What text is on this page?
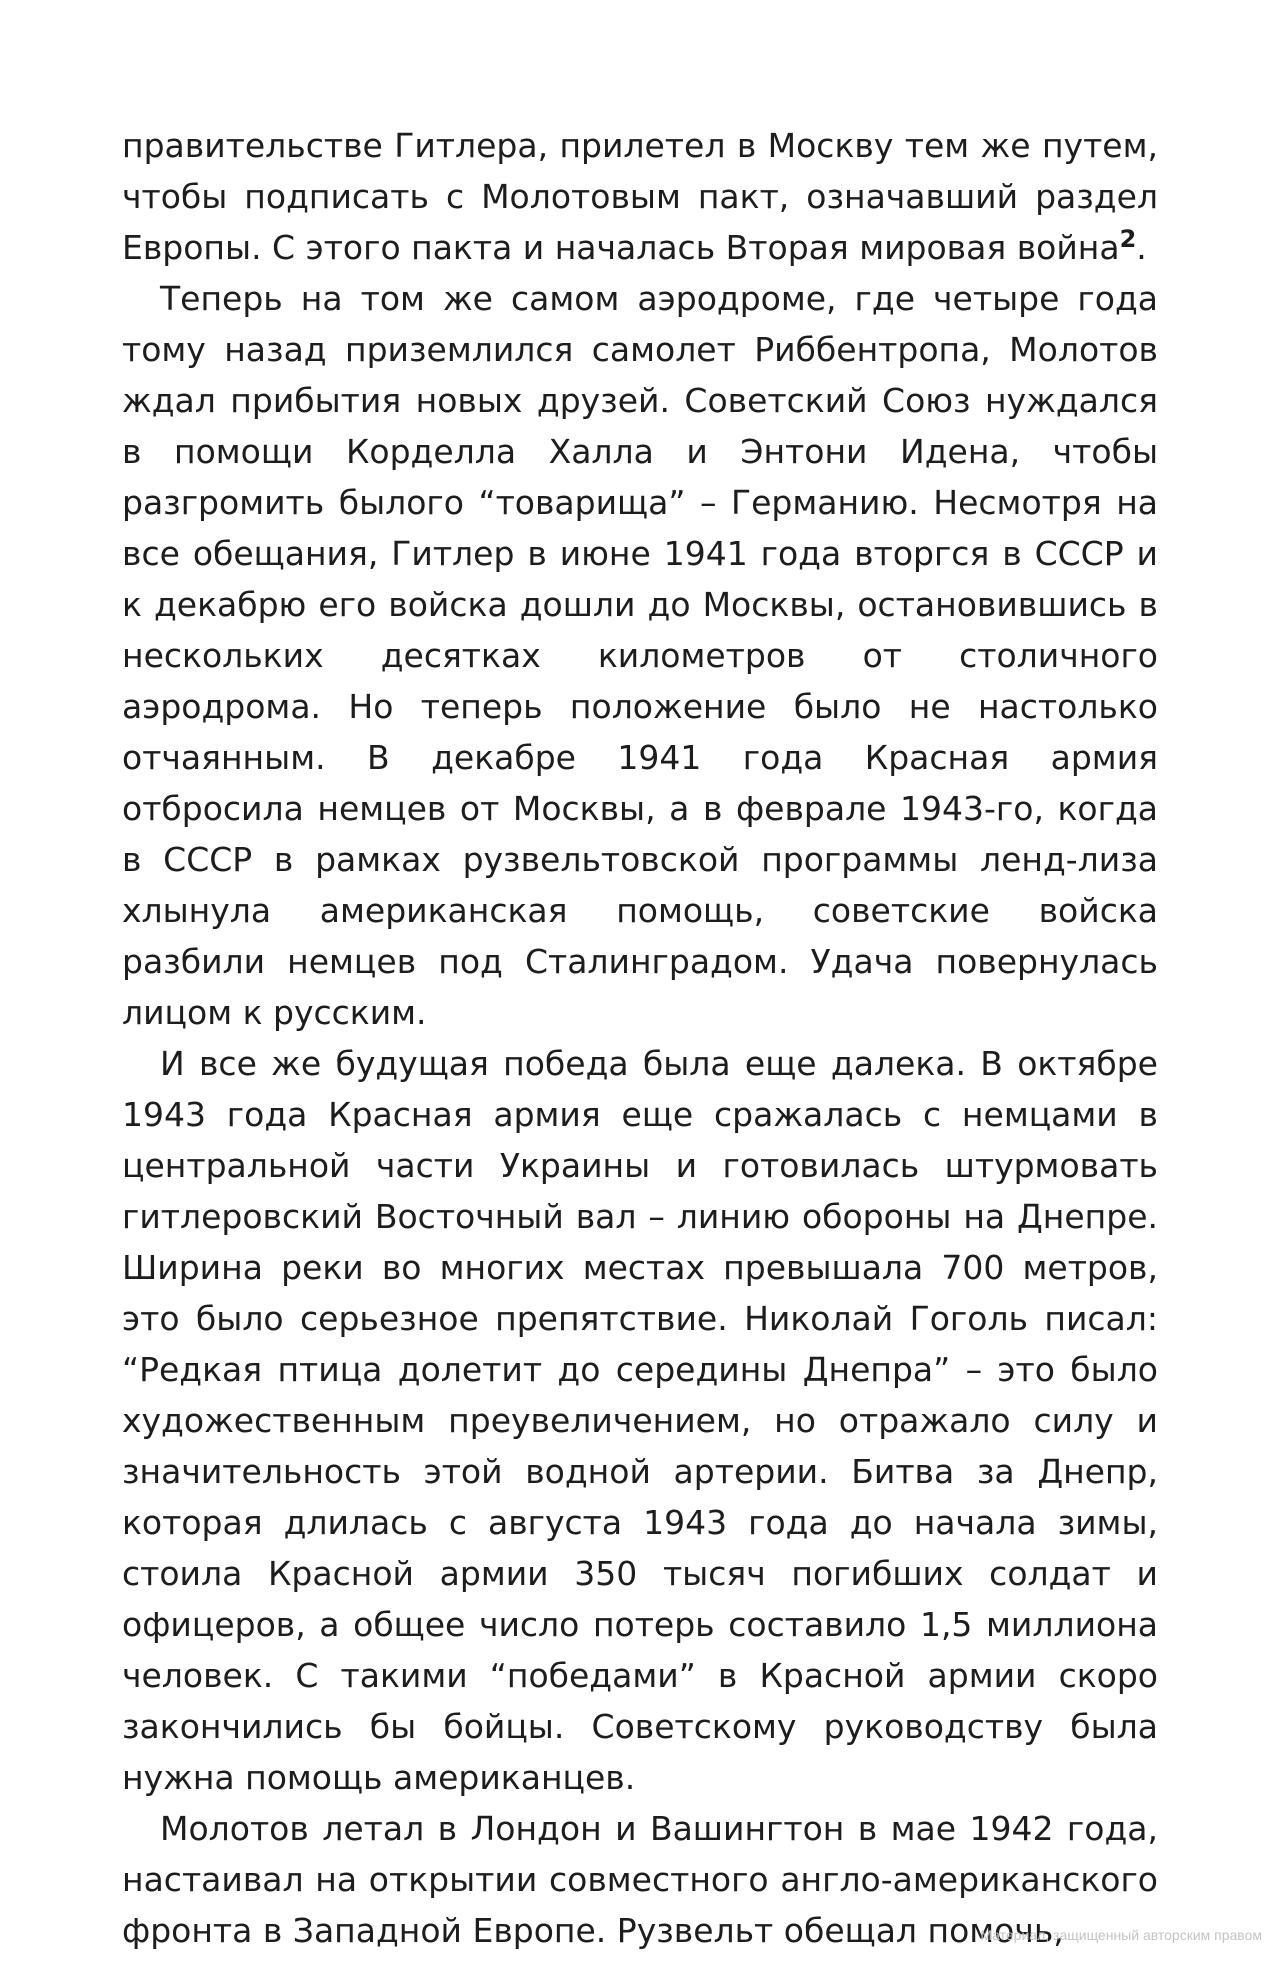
правительстве Гитлера, прилетел в Москву тем же путем, чтобы подписать с Молотовым пакт, означавший раздел Европы. С этого пакта и началась Вторая мировая война$^2$.

Теперь на том же самом аэродроме, где четыре года тому назад приземлился самолет Риббентропа, Молотов ждал прибытия новых друзей. Советский Союз нуждался в помощи Корделла Халла и Энтони Идена, чтобы разгромить былого “товарища” – Германию. Несмотря на все обещания, Гитлер в июне 1941 года вторгся в СССР и к декабрю его войска дошли до Москвы, остановившись в нескольких десятках километров от столичного аэродрома. Но теперь положение было не настолько отчаянным. В декабре 1941 года Красная армия отбросила немцев от Москвы, а в феврале 1943-го, когда в СССР в рамках рузвельтовской программы ленд-лиза хлынула американская помощь, советские войска разбили немцев под Сталинградом. Удача повернулась лицом к русским.

И все же будущая победа была еще далека. В октябре 1943 года Красная армия еще сражалась с немцами в центральной части Украины и готовилась штурмовать гитлеровский Восточный вал – линию обороны на Днепре. Ширина реки во многих местах превышала 700 метров, это было серьезное препятствие. Николай Гоголь писал: “Редкая птица долетит до середины Днепра” – это было художественным преувеличением, но отражало силу и значительность этой водной артерии. Битва за Днепр, которая длилась с августа 1943 года до начала зимы, стоила Красной армии 350 тысяч погибших солдат и офицеров, а общее число потерь составило 1,5 миллиона человек. С такими “победами” в Красной армии скоро закончились бы бойцы. Советскому руководству была нужна помощь американцев.

Молотов летал в Лондон и Вашингтон в мае 1942 года, настаивал на открытии совместного англо-американского фронта в Западной Европе. Рузвельт обещал помочь,

Материал, защищенный авторским правом
